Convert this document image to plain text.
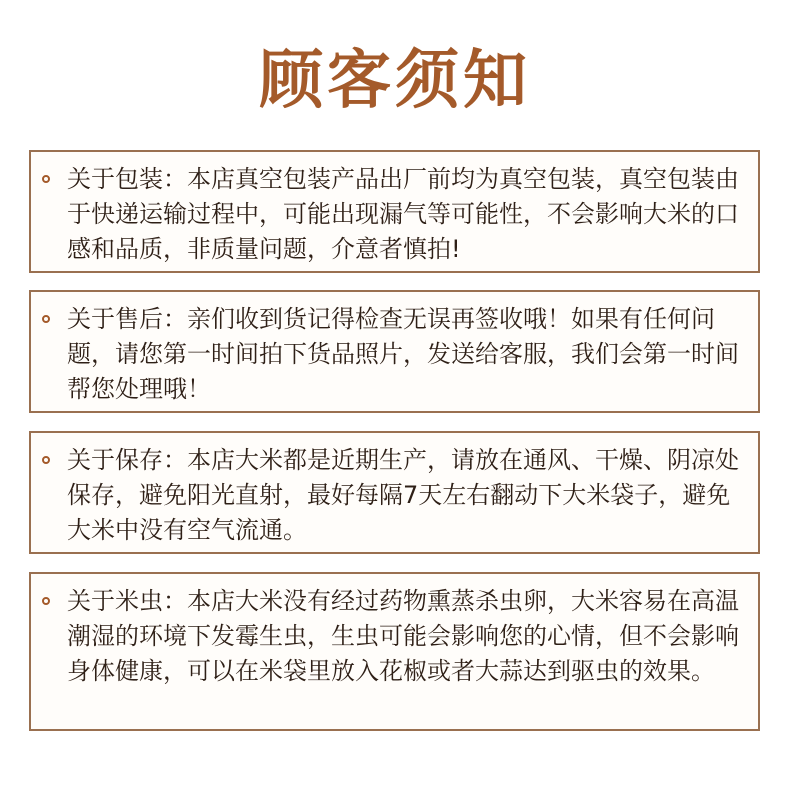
顾客须知

关于包装：本店真空包装产品出厂前均为真空包装，真空包装由于快递运输过程中，可能出现漏气等可能性，不会影响大米的口感和品质，非质量问题，介意者慎拍!

关于售后：亲们收到货记得检查无误再签收哦！如果有任何问题，请您第一时间拍下货品照片，发送给客服，我们会第一时间帮您处理哦！

关于保存：本店大米都是近期生产，请放在通风、干燥、阴凉处保存，避免阳光直射，最好每隔7天左右翻动下大米袋子，避免大米中没有空气流通。

关于米虫：本店大米没有经过药物熏蒸杀虫卵，大米容易在高温潮湿的环境下发霉生虫，生虫可能会影响您的心情，但不会影响身体健康，可以在米袋里放入花椒或者大蒜达到驱虫的效果。
